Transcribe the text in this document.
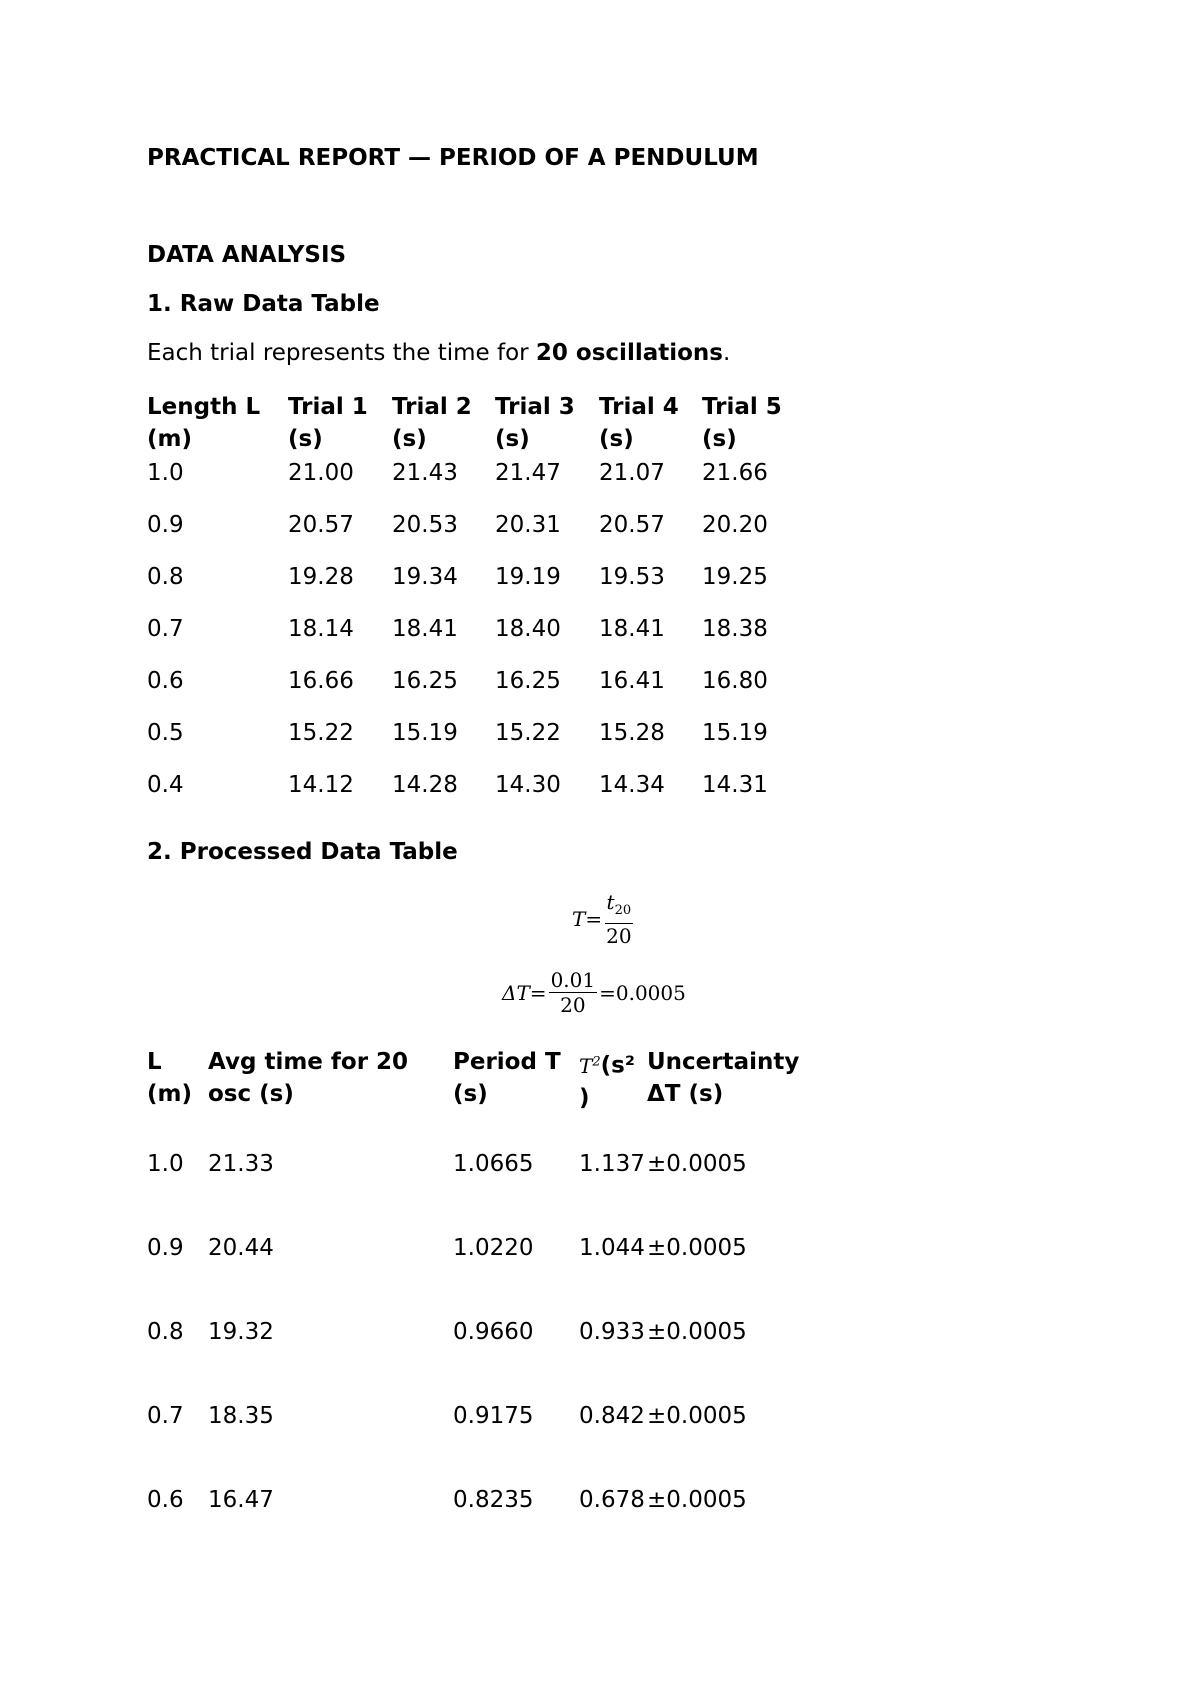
PRACTICAL REPORT — PERIOD OF A PENDULUM
DATA ANALYSIS
1. Raw Data Table
Each trial represents the time for 20 oscillations.
Length L (m)	Trial 1 (s)	Trial 2 (s)	Trial 3 (s)	Trial 4 (s)	Trial 5 (s)
1.0	21.00	21.43	21.47	21.07	21.66
0.9	20.57	20.53	20.31	20.57	20.20
0.8	19.28	19.34	19.19	19.53	19.25
0.7	18.14	18.41	18.40	18.41	18.38
0.6	16.66	16.25	16.25	16.41	16.80
0.5	15.22	15.19	15.22	15.28	15.19
0.4	14.12	14.28	14.30	14.34	14.31
2. Processed Data Table
$T = \frac{t_{20}}{20}$
$\Delta T = \frac{0.01}{20} = 0.0005$
L (m)	Avg time for 20 osc (s)	Period T (s)	$T^2(s^2$ )	Uncertainty ΔT (s)
1.0	21.33	1.0665	1.137	±0.0005
0.9	20.44	1.0220	1.044	±0.0005
0.8	19.32	0.9660	0.933	±0.0005
0.7	18.35	0.9175	0.842	±0.0005
0.6	16.47	0.8235	0.678	±0.0005
